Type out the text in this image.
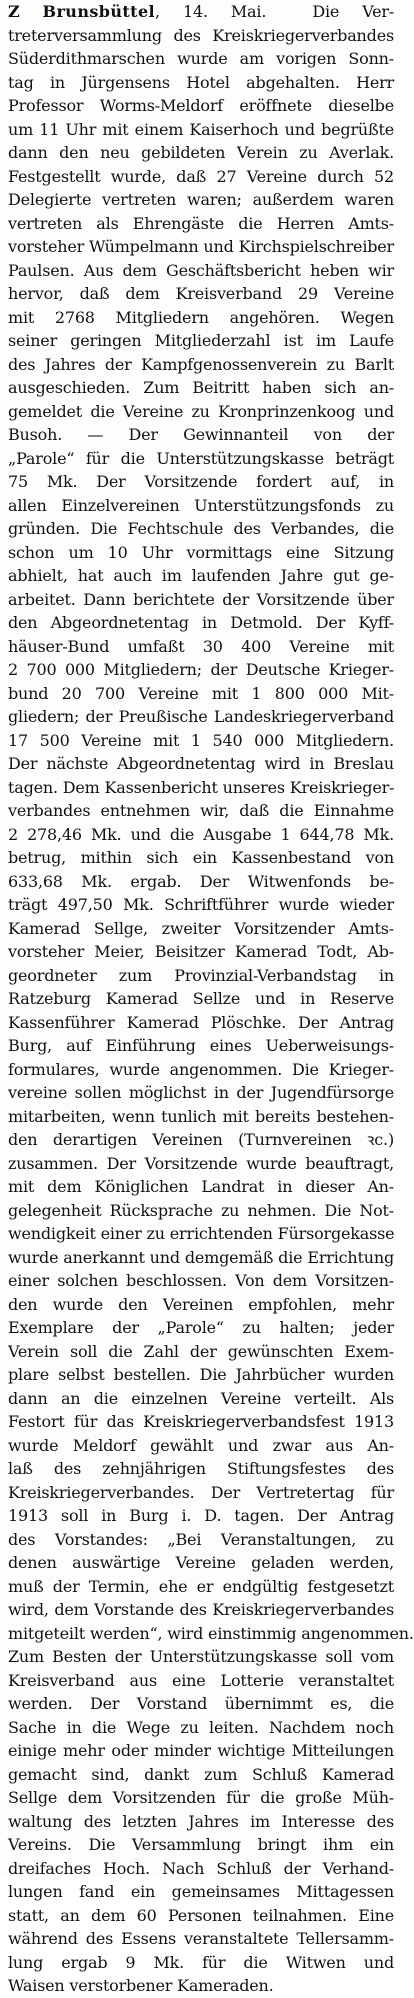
Z Brunsbüttel, 14. Mai.	Die Ver-
treterversammlung des Kreiskriegerverbandes
Süderdithmarschen wurde am vorigen Sonn-
tag in Jürgensens Hotel abgehalten. Herr
Professor Worms-Meldorf eröffnete dieselbe
um 11 Uhr mit einem Kaiserhoch und begrüßte
dann den neu gebildeten Verein zu Averlak.
Festgestellt wurde, daß 27 Vereine durch 52
Delegierte vertreten waren; außerdem waren
vertreten als Ehrengäste die Herren Amts-
vorsteher Wümpelmann und Kirchspielschreiber
Paulsen. Aus dem Geschäftsbericht heben wir
hervor, daß dem Kreisverband 29 Vereine
mit 2768 Mitgliedern angehören. Wegen
seiner geringen Mitgliederzahl ist im Laufe
des Jahres der Kampfgenossenverein zu Barlt
ausgeschieden. Zum Beitritt haben sich an-
gemeldet die Vereine zu Kronprinzenkoog und
Busoh. — Der Gewinnanteil von der
„Parole“ für die Unterstützungskasse beträgt
75 Mk. Der Vorsitzende fordert auf, in
allen Einzelvereinen Unterstützungsfonds zu
gründen. Die Fechtschule des Verbandes, die
schon um 10 Uhr vormittags eine Sitzung
abhielt, hat auch im laufenden Jahre gut ge-
arbeitet. Dann berichtete der Vorsitzende über
den Abgeordnetentag in Detmold. Der Kyff-
häuser-Bund umfaßt 30 400 Vereine mit
2 700 000 Mitgliedern; der Deutsche Krieger-
bund 20 700 Vereine mit 1 800 000 Mit-
gliedern; der Preußische Landeskriegerverband
17 500 Vereine mit 1 540 000 Mitgliedern.
Der nächste Abgeordnetentag wird in Breslau
tagen. Dem Kassenbericht unseres Kreiskrieger-
verbandes entnehmen wir, daß die Einnahme
2 278,46 Mk. und die Ausgabe 1 644,78 Mk.
betrug, mithin sich ein Kassenbestand von
633,68 Mk. ergab. Der Witwenfonds be-
trägt 497,50 Mk. Schriftführer wurde wieder
Kamerad Sellge, zweiter Vorsitzender Amts-
vorsteher Meier, Beisitzer Kamerad Todt, Ab-
geordneter zum Provinzial-Verbandstag in
Ratzeburg Kamerad Sellze und in Reserve
Kassenführer Kamerad Plöschke. Der Antrag
Burg, auf Einführung eines Ueberweisungs-
formulares, wurde angenommen. Die Krieger-
vereine sollen möglichst in der Jugendfürsorge
mitarbeiten, wenn tunlich mit bereits bestehen-
den derartigen Vereinen (Turnvereinen ꝛc.)
zusammen. Der Vorsitzende wurde beauftragt,
mit dem Königlichen Landrat in dieser An-
gelegenheit Rücksprache zu nehmen. Die Not-
wendigkeit einer zu errichtenden Fürsorgekasse
wurde anerkannt und demgemäß die Errichtung
einer solchen beschlossen. Von dem Vorsitzen-
den wurde den Vereinen empfohlen, mehr
Exemplare der „Parole“ zu halten; jeder
Verein soll die Zahl der gewünschten Exem-
plare selbst bestellen. Die Jahrbücher wurden
dann an die einzelnen Vereine verteilt. Als
Festort für das Kreiskriegerverbandsfest 1913
wurde Meldorf gewählt und zwar aus An-
laß des zehnjährigen Stiftungsfestes des
Kreiskriegerverbandes. Der Vertretertag für
1913 soll in Burg i. D. tagen. Der Antrag
des Vorstandes: „Bei Veranstaltungen, zu
denen auswärtige Vereine geladen werden,
muß der Termin, ehe er endgültig festgesetzt
wird, dem Vorstande des Kreiskriegerverbandes
mitgeteilt werden“, wird einstimmig angenommen.
Zum Besten der Unterstützungskasse soll vom
Kreisverband aus eine Lotterie veranstaltet
werden. Der Vorstand übernimmt es, die
Sache in die Wege zu leiten. Nachdem noch
einige mehr oder minder wichtige Mitteilungen
gemacht sind, dankt zum Schluß Kamerad
Sellge dem Vorsitzenden für die große Müh-
waltung des letzten Jahres im Interesse des
Vereins. Die Versammlung bringt ihm ein
dreifaches Hoch. Nach Schluß der Verhand-
lungen fand ein gemeinsames Mittagessen
statt, an dem 60 Personen teilnahmen. Eine
während des Essens veranstaltete Tellersamm-
lung ergab 9 Mk. für die Witwen und
Waisen verstorbener Kameraden.
